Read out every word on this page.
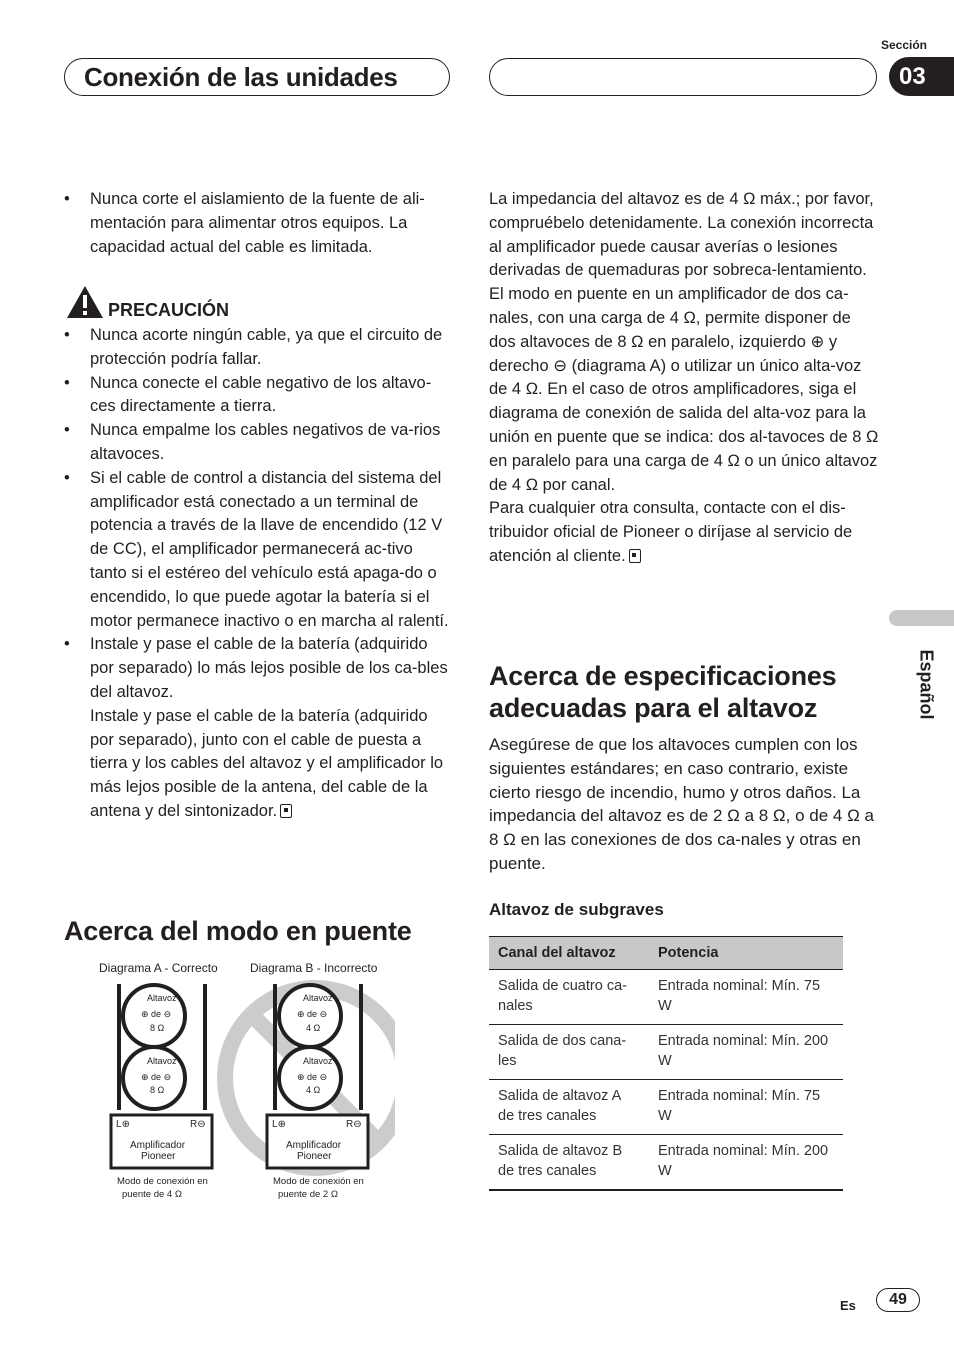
Conexión de las unidades
Sección
03
Español
• Nunca corte el aislamiento de la fuente de ali-mentación para alimentar otros equipos. La capacidad actual del cable es limitada.
PRECAUCIÓN
• Nunca acorte ningún cable, ya que el circuito de protección podría fallar.
• Nunca conecte el cable negativo de los altavo-ces directamente a tierra.
• Nunca empalme los cables negativos de va-rios altavoces.
• Si el cable de control a distancia del sistema del amplificador está conectado a un terminal de potencia a través de la llave de encendido (12 V de CC), el amplificador permanecerá ac-tivo tanto si el estéreo del vehículo está apaga-do o encendido, lo que puede agotar la batería si el motor permanece inactivo o en marcha al ralentí.
• Instale y pase el cable de la batería (adquirido por separado) lo más lejos posible de los ca-bles del altavoz.

Instale y pase el cable de la batería (adquirido por separado), junto con el cable de puesta a tierra y los cables del altavoz y el amplificador lo más lejos posible de la antena, del cable de la antena y del sintonizador.

Acerca del modo en puente
Diagrama A - Correcto	Diagrama B - Incorrecto
Altavoz
⊕ de ⊖
8 Ω
Altavoz
⊕ de ⊖
8 Ω
L⊕	R⊖
Amplificador
Pioneer
Modo de conexión en
puente de 4 Ω
Altavoz
⊕ de ⊖
4 Ω
Altavoz
⊕ de ⊖
4 Ω
L⊕	R⊖
Amplificador
Pioneer
Modo de conexión en
puente de 2 Ω

La impedancia del altavoz es de 4 Ω máx.; por favor, compruébelo detenidamente. La conexión incorrecta al amplificador puede causar averías o lesiones derivadas de quemaduras por sobreca-lentamiento.

El modo en puente en un amplificador de dos ca-nales, con una carga de 4 Ω, permite disponer de dos altavoces de 8 Ω en paralelo, izquierdo ⊕ y derecho ⊖ (diagrama A) o utilizar un único alta-voz de 4 Ω. En el caso de otros amplificadores, siga el diagrama de conexión de salida del alta-voz para la unión en puente que se indica: dos al-tavoces de 8 Ω en paralelo para una carga de 4 Ω o un único altavoz de 4 Ω por canal.

Para cualquier otra consulta, contacte con el dis-tribuidor oficial de Pioneer o diríjase al servicio de atención al cliente.

Acerca de especificaciones adecuadas para el altavoz
Asegúrese de que los altavoces cumplen con los siguientes estándares; en caso contrario, existe cierto riesgo de incendio, humo y otros daños. La impedancia del altavoz es de 2 Ω a 8 Ω, o de 4 Ω a 8 Ω en las conexiones de dos ca-nales y otras en puente.
Altavoz de subgraves
Canal del altavoz	Potencia
Salida de cuatro ca-nales	Entrada nominal: Mín. 75 W
Salida de dos cana-les	Entrada nominal: Mín. 200 W
Salida de altavoz A de tres canales	Entrada nominal: Mín. 75 W
Salida de altavoz B de tres canales	Entrada nominal: Mín. 200 W
Es	49
